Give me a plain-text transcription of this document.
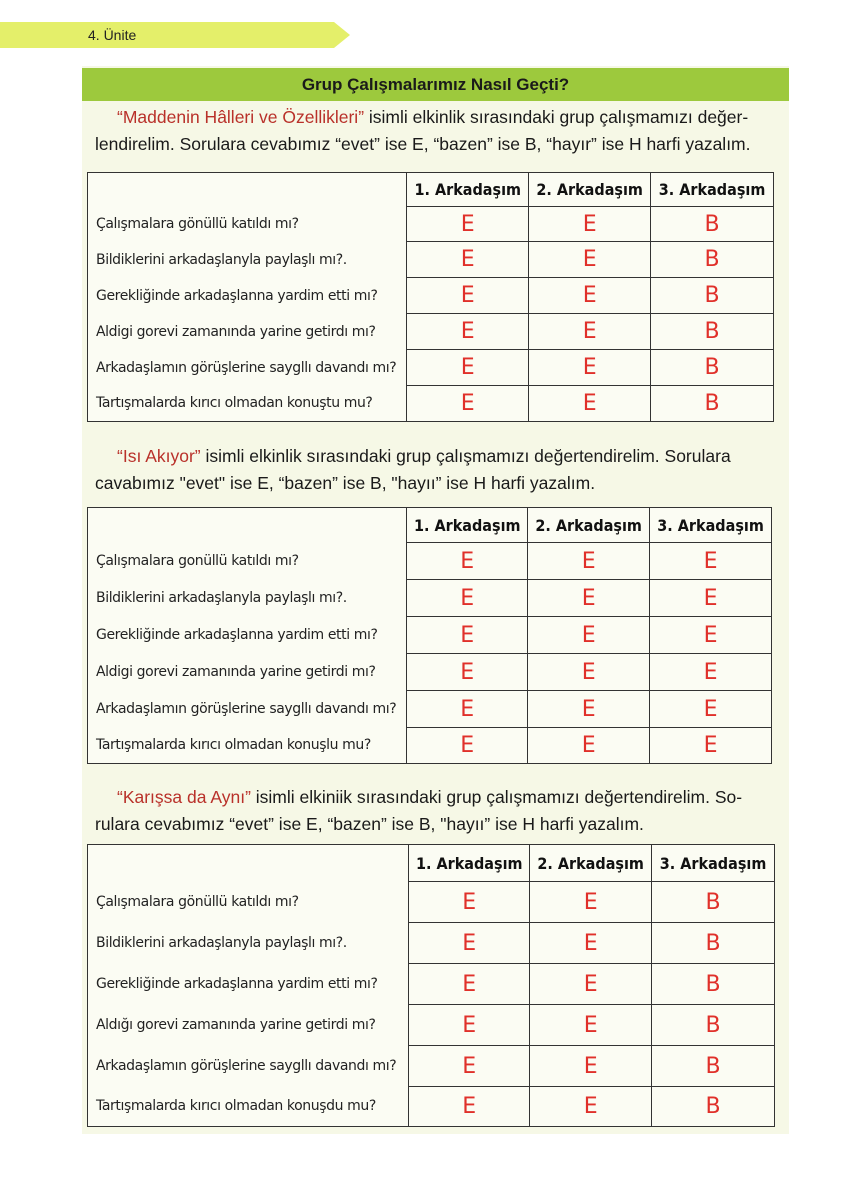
4. Ünite
Grup Çalışmalarımız Nasıl Geçti?
“Maddenin Hâlleri ve Özellikleri” isimli elkinlik sırasındaki grup çalışmamızı değer-
lendirelim. Sorulara cevabımız “evet” ise E, “bazen” ise B, “hayır” ise H harfi yazalım.
	1. Arkadaşım	2. Arkadaşım	3. Arkadaşım
Çalışmalara gönüllü katıldı mı?	E	E	B
Bildiklerini arkadaşlanyla paylaşlı mı?.	E	E	B
Gerekliğinde arkadaşlanna yardim etti mı?	E	E	B
Aldigi gorevi zamanında yarine getirdı mı?	E	E	B
Arkadaşlamın görüşlerine saygllı davandı mı?	E	E	B
Tartışmalarda kırıcı olmadan konuştu mu?	E	E	B
“Isı Akıyor” isimli elkinlik sırasındaki grup çalışmamızı değertendirelim. Sorulara
cavabımız "evet" ise E, “bazen” ise B, "hayıı” ise H harfi yazalım.
	1. Arkadaşım	2. Arkadaşım	3. Arkadaşım
Çalışmalara gonüllü katıldı mı?	E	E	E
Bildiklerini arkadaşlanyla paylaşlı mı?.	E	E	E
Gerekliğinde arkadaşlanna yardim etti mı?	E	E	E
Aldigi gorevi zamanında yarine getirdi mı?	E	E	E
Arkadaşlamın görüşlerine saygllı davandı mı?	E	E	E
Tartışmalarda kırıcı olmadan konuşlu mu?	E	E	E
“Karışsa da Aynı” isimli elkiniik sırasındaki grup çalışmamızı değertendirelim. So-
rulara cevabımız “evet” ise E, “bazen” ise B, "hayıı” ise H harfi yazalım.
	1. Arkadaşım	2. Arkadaşım	3. Arkadaşım
Çalışmalara gönüllü katıldı mı?	E	E	B
Bildiklerini arkadaşlanyla paylaşlı mı?.	E	E	B
Gerekliğinde arkadaşlanna yardim etti mı?	E	E	B
Aldığı gorevi zamanında yarine getirdi mı?	E	E	B
Arkadaşlamın görüşlerine saygllı davandı mı?	E	E	B
Tartışmalarda kırıcı olmadan konuşdu mu?	E	E	B
